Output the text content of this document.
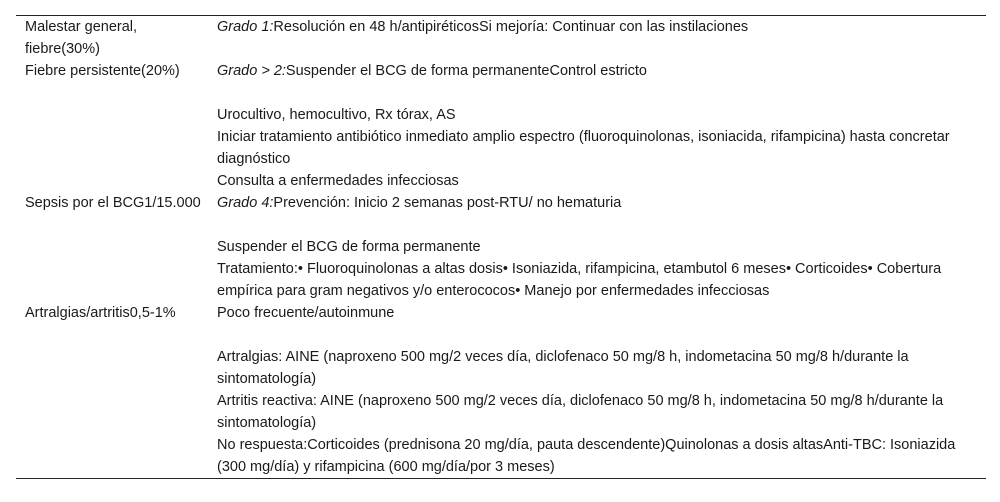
Malestar general, fiebre(30%)	Grado 1:Resolución en 48 h/antipiréticosSi mejoría: Continuar con las instilaciones
Fiebre persistente(20%)	Grado > 2:Suspender el BCG de forma permanenteControl estricto
Urocultivo, hemocultivo, Rx tórax, AS
Iniciar tratamiento antibiótico inmediato amplio espectro (fluoroquinolonas, isoniacida, rifampicina) hasta concretar diagnóstico
Consulta a enfermedades infecciosas

Sepsis por el BCG1/15.000	Grado 4:Prevención: Inicio 2 semanas post-RTU/ no hematuria
Suspender el BCG de forma permanente
Tratamiento:• Fluoroquinolonas a altas dosis• Isoniazida, rifampicina, etambutol 6 meses• Corticoides• Cobertura empírica para gram negativos y/o enterococos• Manejo por enfermedades infecciosas

Artralgias/artritis0,5-1%	Poco frecuente/autoinmune
Artralgias: AINE (naproxeno 500 mg/2 veces día, diclofenaco 50 mg/8 h, indometacina 50 mg/8 h/durante la sintomatología)
Artritis reactiva: AINE (naproxeno 500 mg/2 veces día, diclofenaco 50 mg/8 h, indometacina 50 mg/8 h/durante la sintomatología)
No respuesta:Corticoides (prednisona 20 mg/día, pauta descendente)Quinolonas a dosis altasAnti-TBC: Isoniazida (300 mg/día) y rifampicina (600 mg/día/por 3 meses)
